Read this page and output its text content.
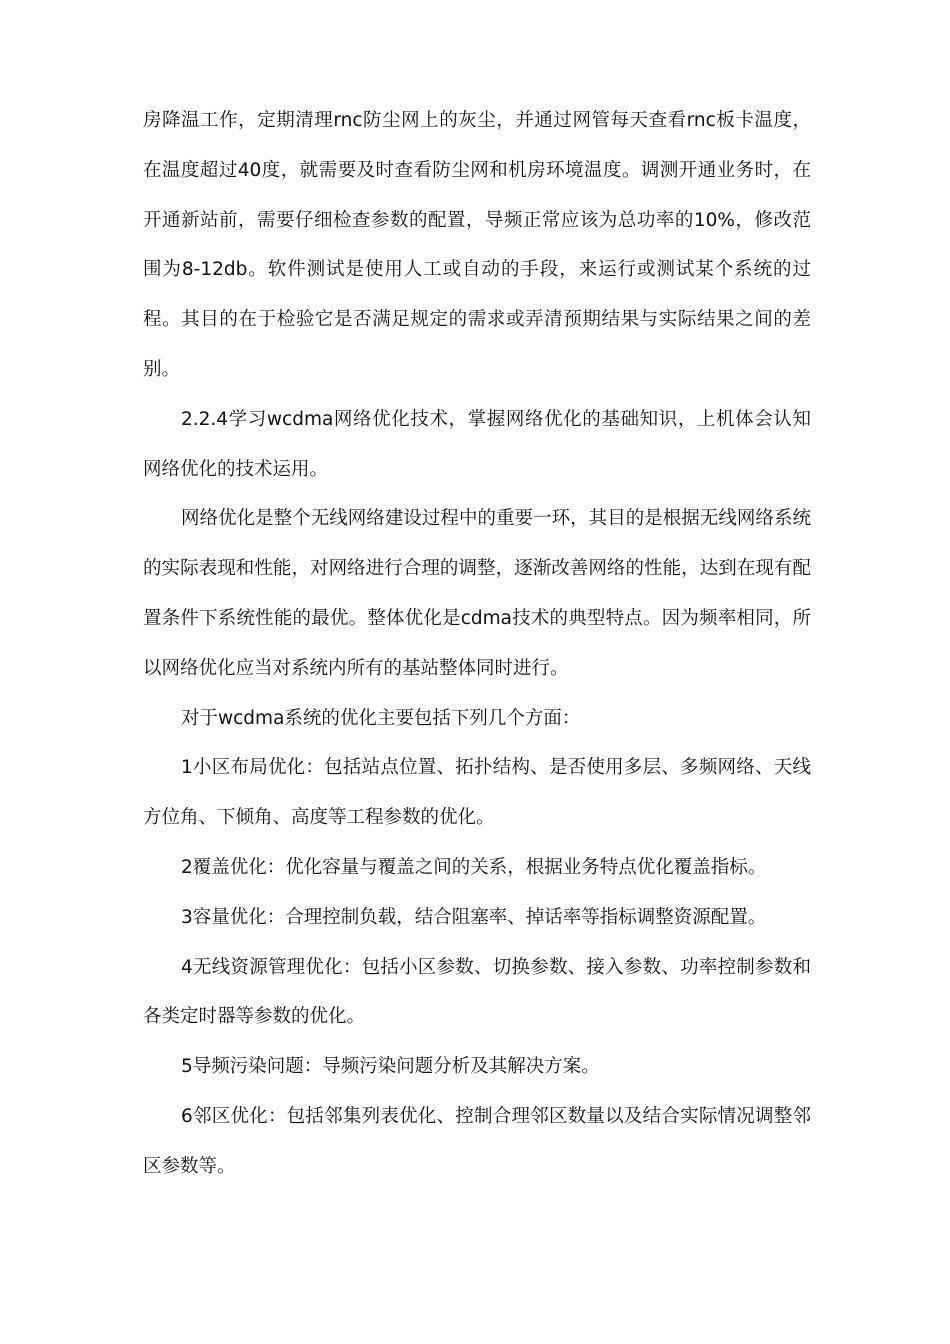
房降温工作，定期清理rnc防尘网上的灰尘，并通过网管每天查看rnc板卡温度，在温度超过40度，就需要及时查看防尘网和机房环境温度。调测开通业务时，在开通新站前，需要仔细检查参数的配置，导频正常应该为总功率的10%，修改范围为8-12db。软件测试是使用人工或自动的手段，来运行或测试某个系统的过程。其目的在于检验它是否满足规定的需求或弄清预期结果与实际结果之间的差别。

2.2.4学习wcdma网络优化技术，掌握网络优化的基础知识，上机体会认知网络优化的技术运用。

网络优化是整个无线网络建设过程中的重要一环，其目的是根据无线网络系统的实际表现和性能，对网络进行合理的调整，逐渐改善网络的性能，达到在现有配置条件下系统性能的最优。整体优化是cdma技术的典型特点。因为频率相同，所以网络优化应当对系统内所有的基站整体同时进行。

对于wcdma系统的优化主要包括下列几个方面：

1小区布局优化：包括站点位置、拓扑结构、是否使用多层、多频网络、天线方位角、下倾角、高度等工程参数的优化。

2覆盖优化：优化容量与覆盖之间的关系，根据业务特点优化覆盖指标。

3容量优化：合理控制负载，结合阻塞率、掉话率等指标调整资源配置。

4无线资源管理优化：包括小区参数、切换参数、接入参数、功率控制参数和各类定时器等参数的优化。

5导频污染问题：导频污染问题分析及其解决方案。

6邻区优化：包括邻集列表优化、控制合理邻区数量以及结合实际情况调整邻区参数等。
